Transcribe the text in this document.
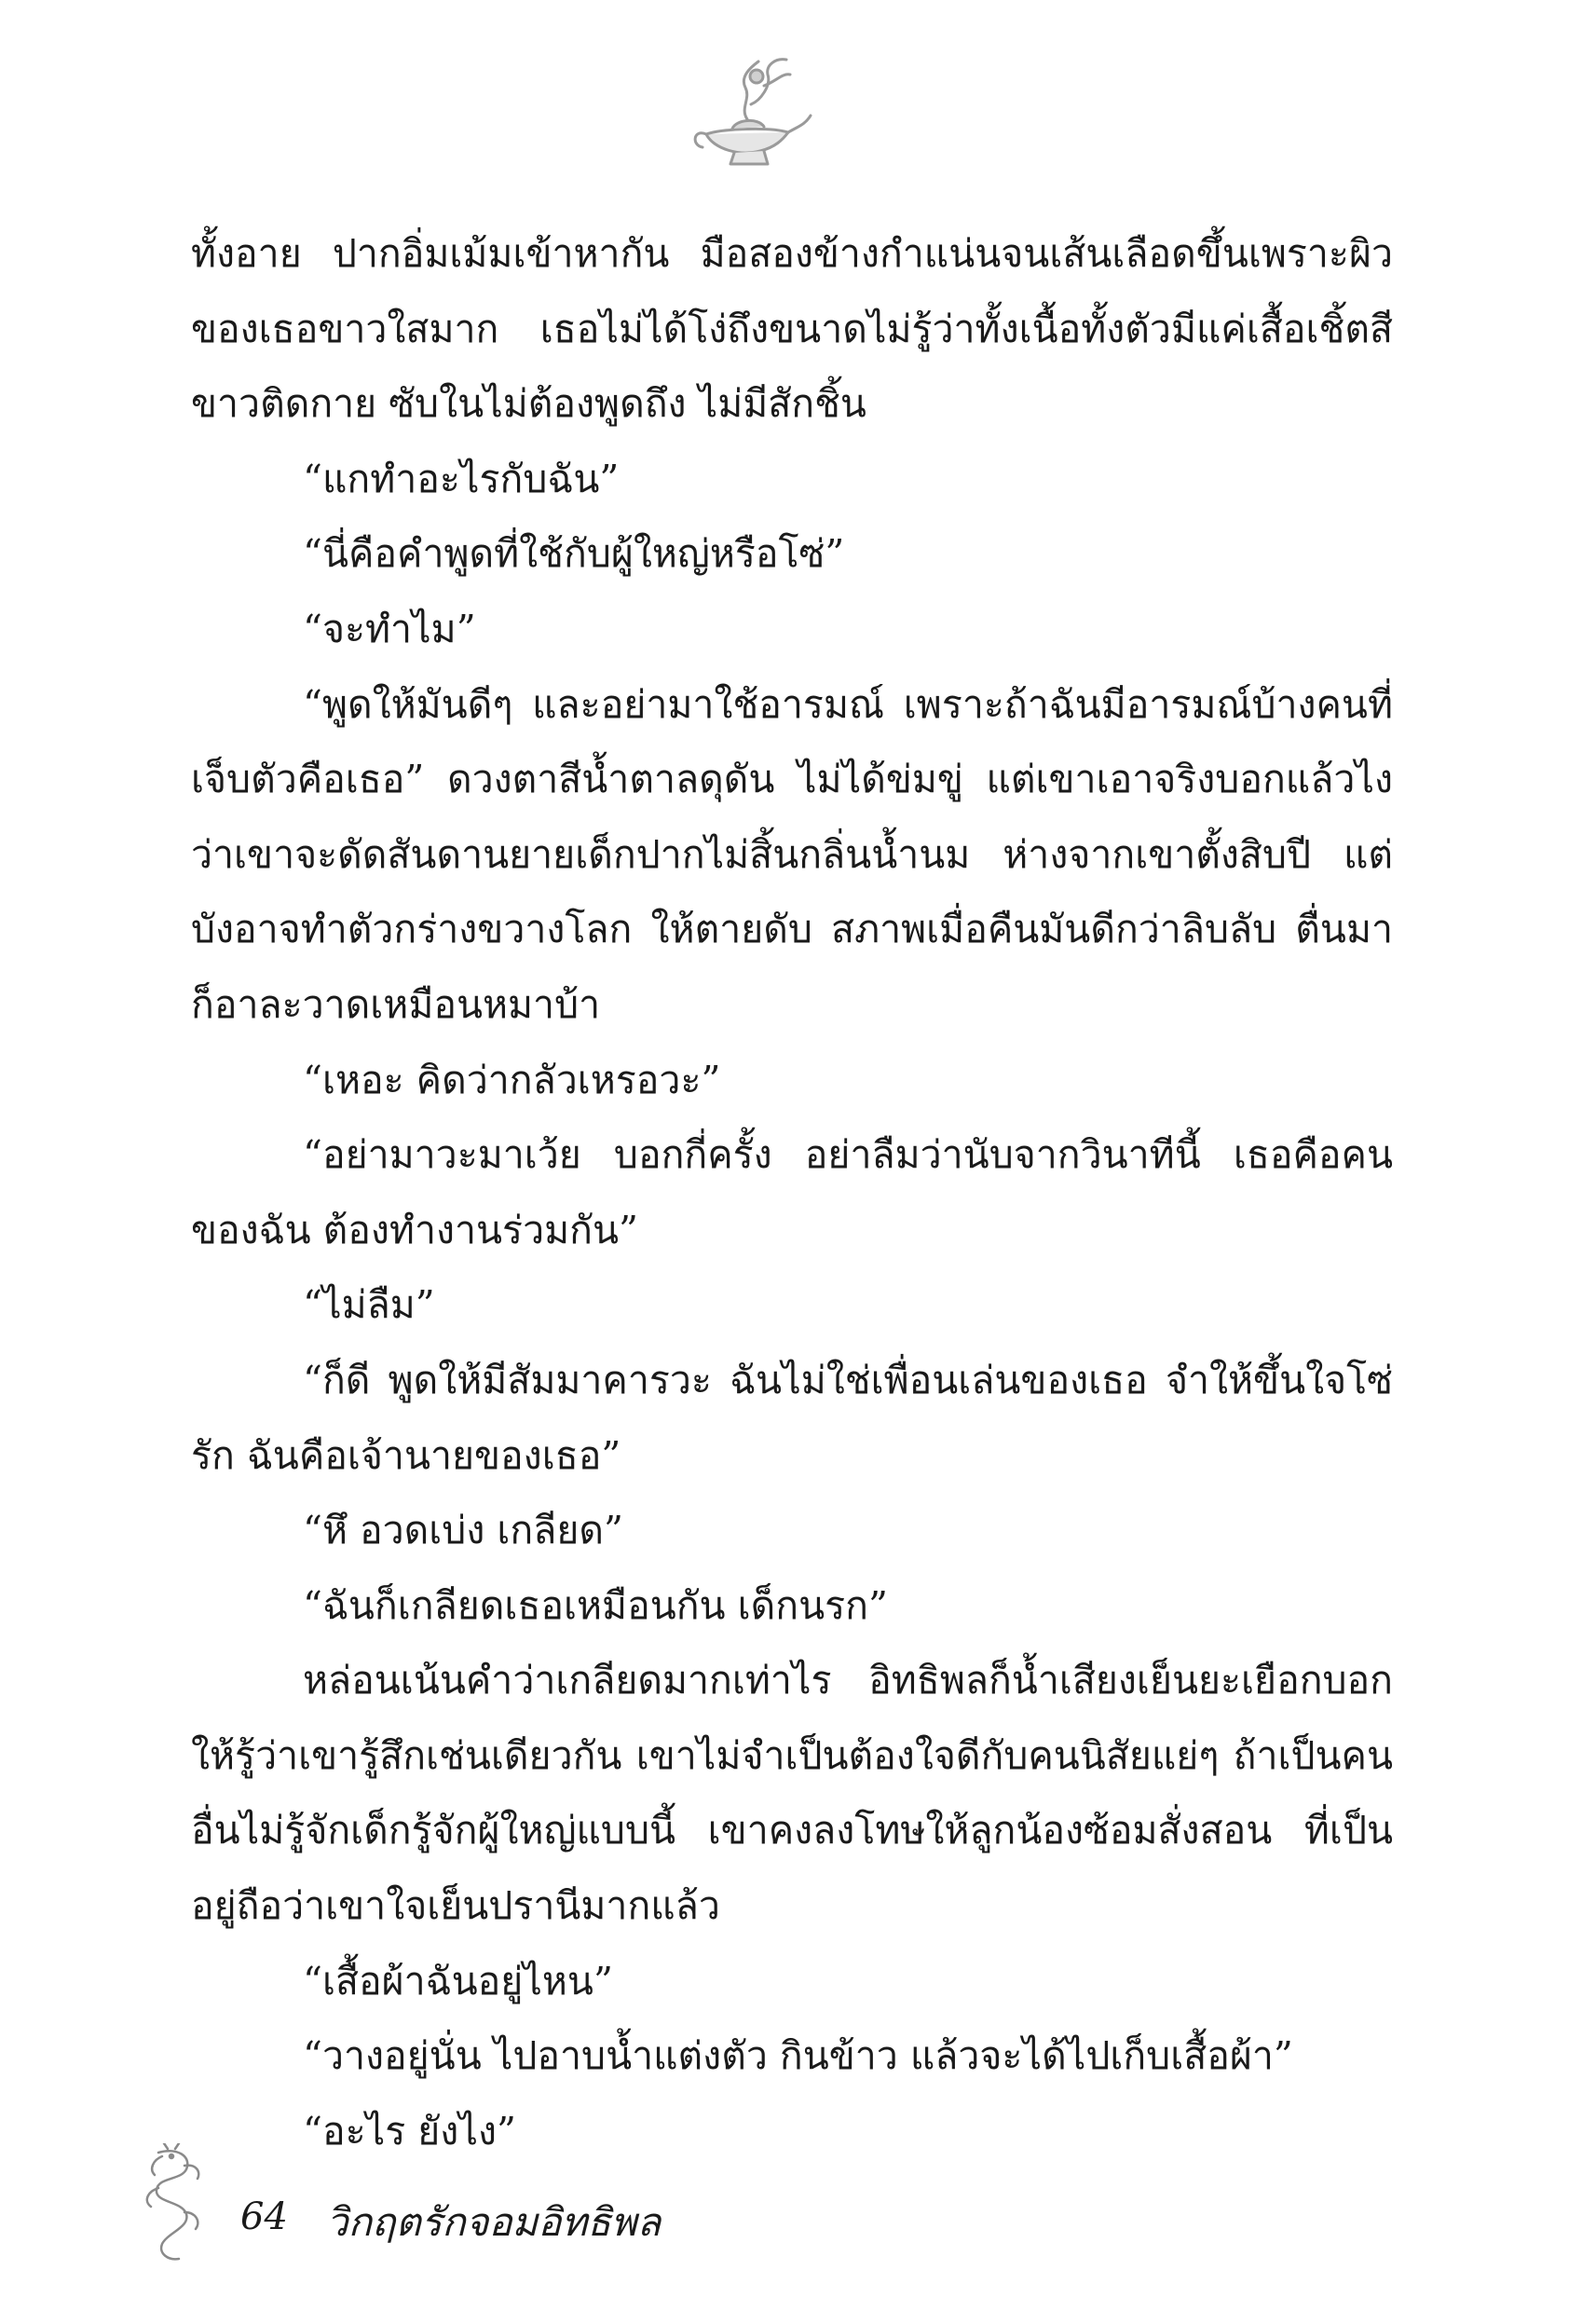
ทั้งอาย ปากอิ่มเม้มเข้าหากัน มือสองข้างกำแน่นจนเส้นเลือดขึ้นเพราะผิวของเธอขาวใสมาก เธอไม่ได้โง่ถึงขนาดไม่รู้ว่าทั้งเนื้อทั้งตัวมีแค่เสื้อเชิ้ตสีขาวติดกาย ซับในไม่ต้องพูดถึง ไม่มีสักชิ้น

“แกทำอะไรกับฉัน”

“นี่คือคำพูดที่ใช้กับผู้ใหญ่หรือโซ่”

“จะทำไม”

“พูดให้มันดีๆ และอย่ามาใช้อารมณ์ เพราะถ้าฉันมีอารมณ์บ้างคนที่เจ็บตัวคือเธอ” ดวงตาสีน้ำตาลดุดัน ไม่ได้ข่มขู่ แต่เขาเอาจริงบอกแล้วไงว่าเขาจะดัดสันดานยายเด็กปากไม่สิ้นกลิ่นน้ำนม ห่างจากเขาตั้งสิบปี แต่บังอาจทำตัวกร่างขวางโลก ให้ตายดับ สภาพเมื่อคืนมันดีกว่าลิบลับ ตื่นมาก็อาละวาดเหมือนหมาบ้า

“เหอะ คิดว่ากลัวเหรอวะ”

“อย่ามาวะมาเว้ย บอกกี่ครั้ง อย่าลืมว่านับจากวินาทีนี้ เธอคือคนของฉัน ต้องทำงานร่วมกัน”

“ไม่ลืม”

“ก็ดี พูดให้มีสัมมาคารวะ ฉันไม่ใช่เพื่อนเล่นของเธอ จำให้ขึ้นใจโซ่รัก ฉันคือเจ้านายของเธอ”

“หึ อวดเบ่ง เกลียด”

“ฉันก็เกลียดเธอเหมือนกัน เด็กนรก”

หล่อนเน้นคำว่าเกลียดมากเท่าไร อิทธิพลก็น้ำเสียงเย็นยะเยือกบอกให้รู้ว่าเขารู้สึกเช่นเดียวกัน เขาไม่จำเป็นต้องใจดีกับคนนิสัยแย่ๆ ถ้าเป็นคนอื่นไม่รู้จักเด็กรู้จักผู้ใหญ่แบบนี้ เขาคงลงโทษให้ลูกน้องซ้อมสั่งสอน ที่เป็นอยู่ถือว่าเขาใจเย็นปรานีมากแล้ว

“เสื้อผ้าฉันอยู่ไหน”

“วางอยู่นั่น ไปอาบน้ำแต่งตัว กินข้าว แล้วจะได้ไปเก็บเสื้อผ้า”

“อะไร ยังไง”

64 วิกฤตรักจอมอิทธิพล
